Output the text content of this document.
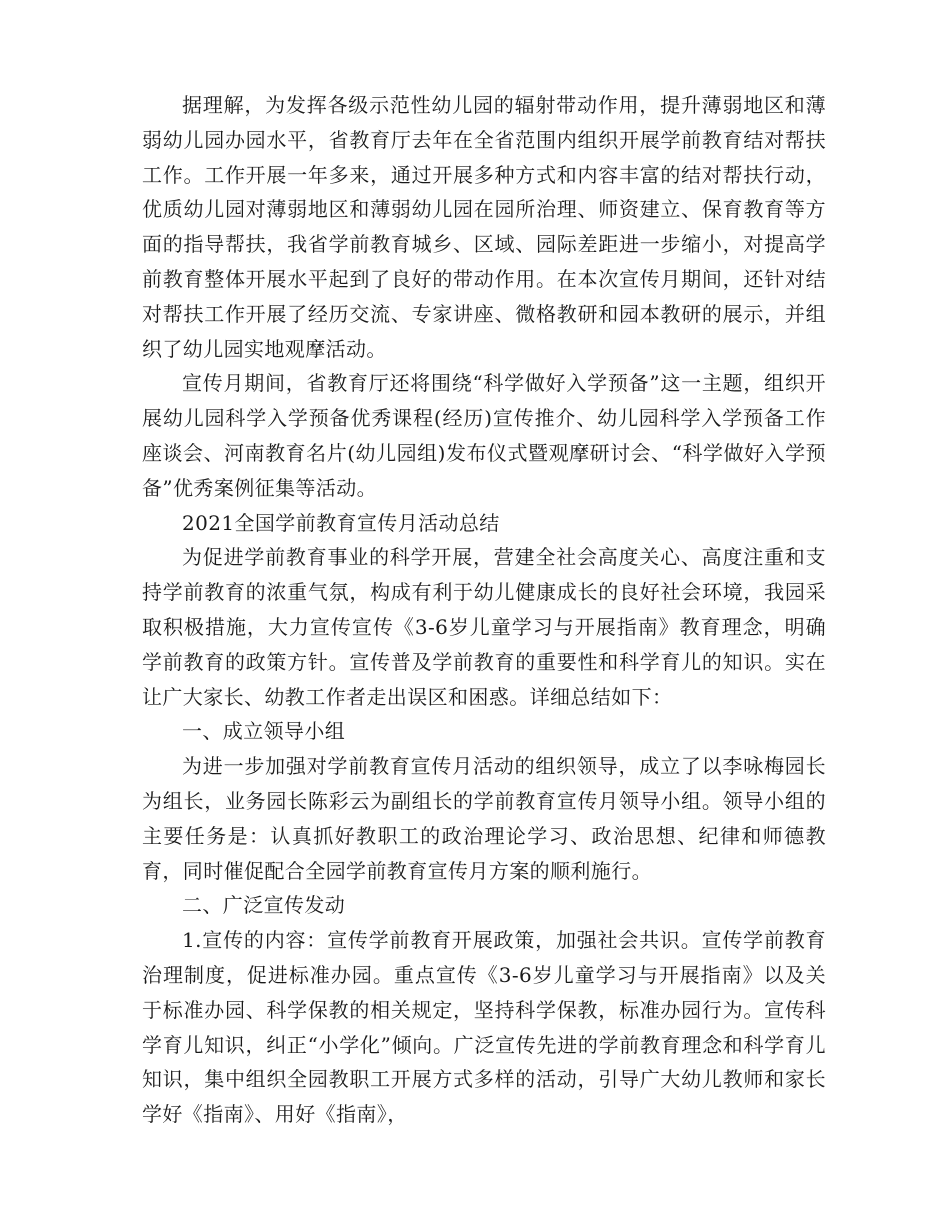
据理解，为发挥各级示范性幼儿园的辐射带动作用，提升薄弱地区和薄弱幼儿园办园水平，省教育厅去年在全省范围内组织开展学前教育结对帮扶工作。工作开展一年多来，通过开展多种方式和内容丰富的结对帮扶行动，优质幼儿园对薄弱地区和薄弱幼儿园在园所治理、师资建立、保育教育等方面的指导帮扶，我省学前教育城乡、区域、园际差距进一步缩小，对提高学前教育整体开展水平起到了良好的带动作用。在本次宣传月期间，还针对结对帮扶工作开展了经历交流、专家讲座、微格教研和园本教研的展示，并组织了幼儿园实地观摩活动。

宣传月期间，省教育厅还将围绕“科学做好入学预备”这一主题，组织开展幼儿园科学入学预备优秀课程(经历)宣传推介、幼儿园科学入学预备工作座谈会、河南教育名片(幼儿园组)发布仪式暨观摩研讨会、“科学做好入学预备”优秀案例征集等活动。

2021全国学前教育宣传月活动总结

为促进学前教育事业的科学开展，营建全社会高度关心、高度注重和支持学前教育的浓重气氛，构成有利于幼儿健康成长的良好社会环境，我园采取积极措施，大力宣传宣传《3-6岁儿童学习与开展指南》教育理念，明确学前教育的政策方针。宣传普及学前教育的重要性和科学育儿的知识。实在让广大家长、幼教工作者走出误区和困惑。详细总结如下：

一、成立领导小组

为进一步加强对学前教育宣传月活动的组织领导，成立了以李咏梅园长为组长，业务园长陈彩云为副组长的学前教育宣传月领导小组。领导小组的主要任务是：认真抓好教职工的政治理论学习、政治思想、纪律和师德教育，同时催促配合全园学前教育宣传月方案的顺利施行。

二、广泛宣传发动

1.宣传的内容：宣传学前教育开展政策，加强社会共识。宣传学前教育治理制度，促进标准办园。重点宣传《3-6岁儿童学习与开展指南》以及关于标准办园、科学保教的相关规定，坚持科学保教，标准办园行为。宣传科学育儿知识，纠正“小学化”倾向。广泛宣传先进的学前教育理念和科学育儿知识，集中组织全园教职工开展方式多样的活动，引导广大幼儿教师和家长学好《指南》、用好《指南》，
